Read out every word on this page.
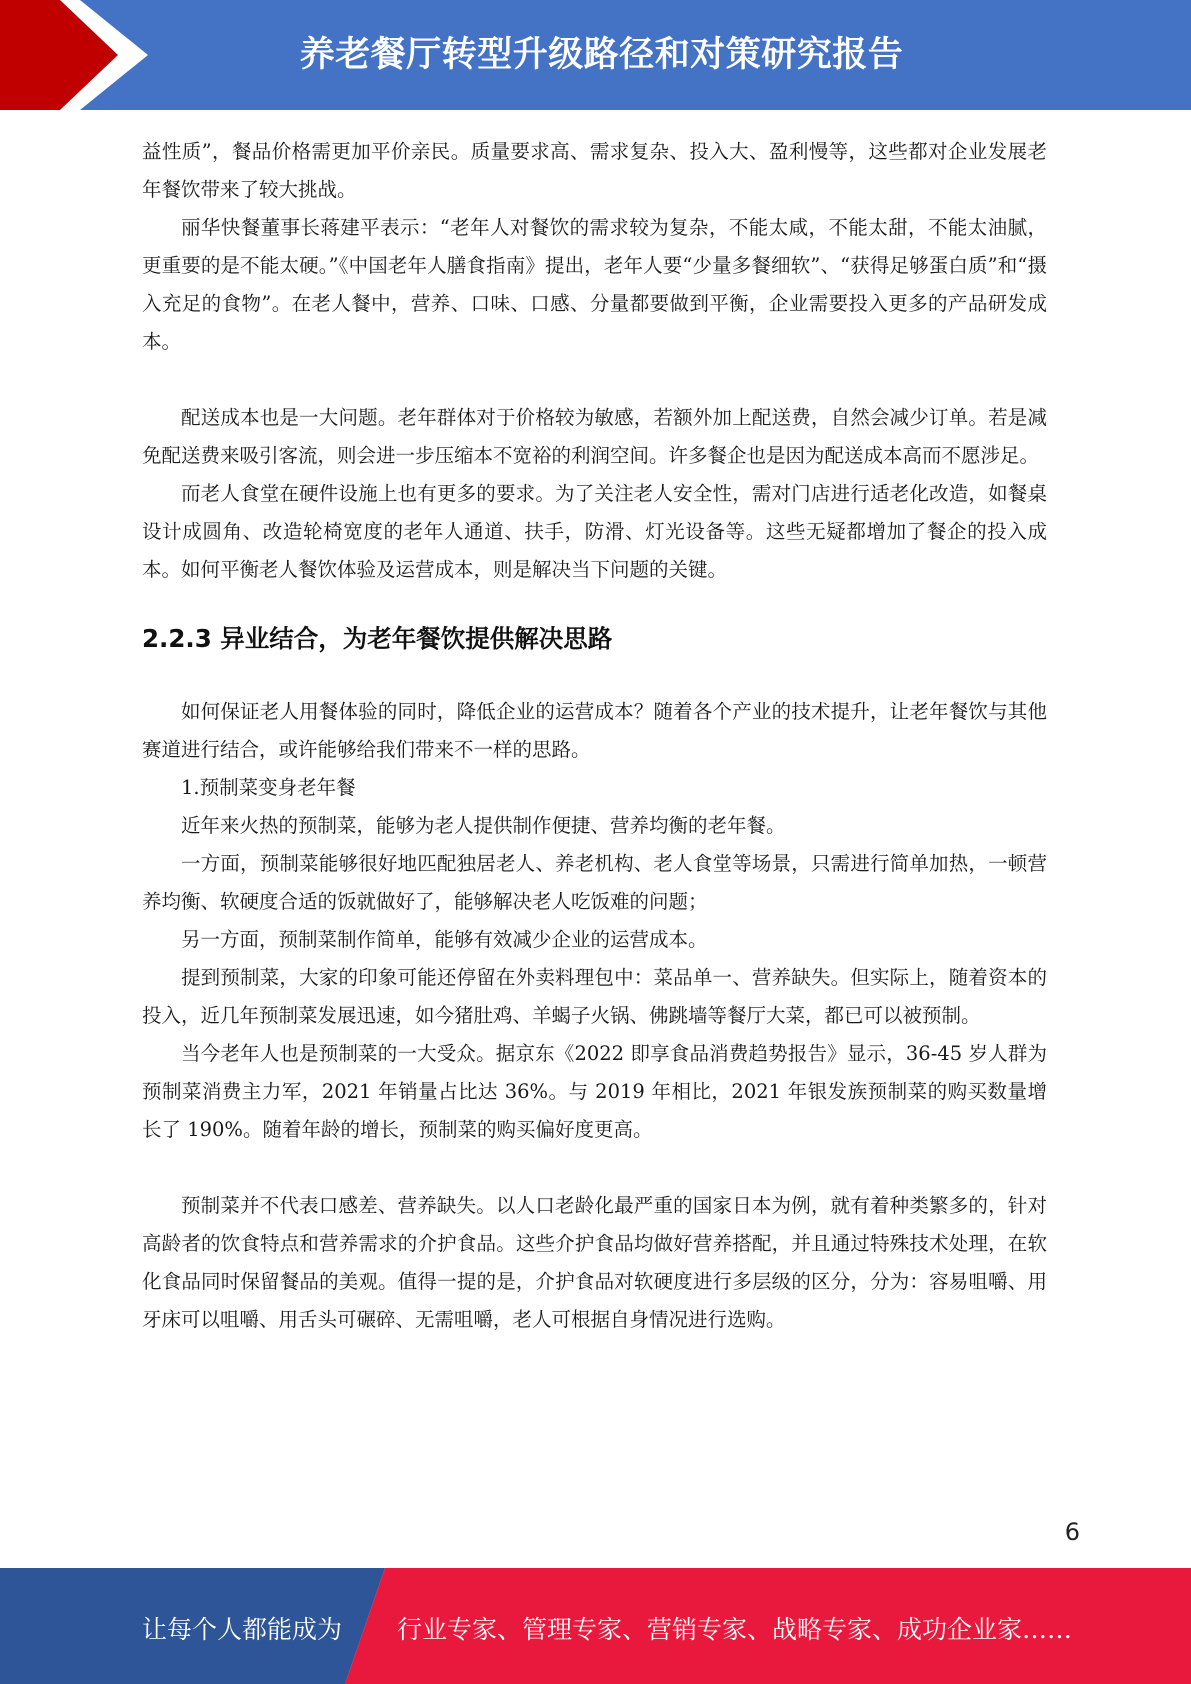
养老餐厅转型升级路径和对策研究报告

益性质”，餐品价格需更加平价亲民。质量要求高、需求复杂、投入大、盈利慢等，这些都对企业发展老年餐饮带来了较大挑战。

丽华快餐董事长蒋建平表示：“老年人对餐饮的需求较为复杂，不能太咸，不能太甜，不能太油腻，更重要的是不能太硬。”《中国老年人膳食指南》提出，老年人要“少量多餐细软”、“获得足够蛋白质”和“摄入充足的食物”。在老人餐中，营养、口味、口感、分量都要做到平衡，企业需要投入更多的产品研发成本。

配送成本也是一大问题。老年群体对于价格较为敏感，若额外加上配送费，自然会减少订单。若是减免配送费来吸引客流，则会进一步压缩本不宽裕的利润空间。许多餐企也是因为配送成本高而不愿涉足。

而老人食堂在硬件设施上也有更多的要求。为了关注老人安全性，需对门店进行适老化改造，如餐桌设计成圆角、改造轮椅宽度的老年人通道、扶手，防滑、灯光设备等。这些无疑都增加了餐企的投入成本。如何平衡老人餐饮体验及运营成本，则是解决当下问题的关键。

2.2.3 异业结合，为老年餐饮提供解决思路

如何保证老人用餐体验的同时，降低企业的运营成本？随着各个产业的技术提升，让老年餐饮与其他赛道进行结合，或许能够给我们带来不一样的思路。

1.预制菜变身老年餐

近年来火热的预制菜，能够为老人提供制作便捷、营养均衡的老年餐。

一方面，预制菜能够很好地匹配独居老人、养老机构、老人食堂等场景，只需进行简单加热，一顿营养均衡、软硬度合适的饭就做好了，能够解决老人吃饭难的问题；

另一方面，预制菜制作简单，能够有效减少企业的运营成本。

提到预制菜，大家的印象可能还停留在外卖料理包中：菜品单一、营养缺失。但实际上，随着资本的投入，近几年预制菜发展迅速，如今猪肚鸡、羊蝎子火锅、佛跳墙等餐厅大菜，都已可以被预制。

当今老年人也是预制菜的一大受众。据京东《2022 即享食品消费趋势报告》显示，36-45 岁人群为预制菜消费主力军，2021 年销量占比达 36%。与 2019 年相比，2021 年银发族预制菜的购买数量增长了 190%。随着年龄的增长，预制菜的购买偏好度更高。

预制菜并不代表口感差、营养缺失。以人口老龄化最严重的国家日本为例，就有着种类繁多的，针对高龄者的饮食特点和营养需求的介护食品。这些介护食品均做好营养搭配，并且通过特殊技术处理，在软化食品同时保留餐品的美观。值得一提的是，介护食品对软硬度进行多层级的区分，分为：容易咀嚼、用牙床可以咀嚼、用舌头可碾碎、无需咀嚼，老人可根据自身情况进行选购。

6
让每个人都能成为 行业专家、管理专家、营销专家、战略专家、成功企业家……
